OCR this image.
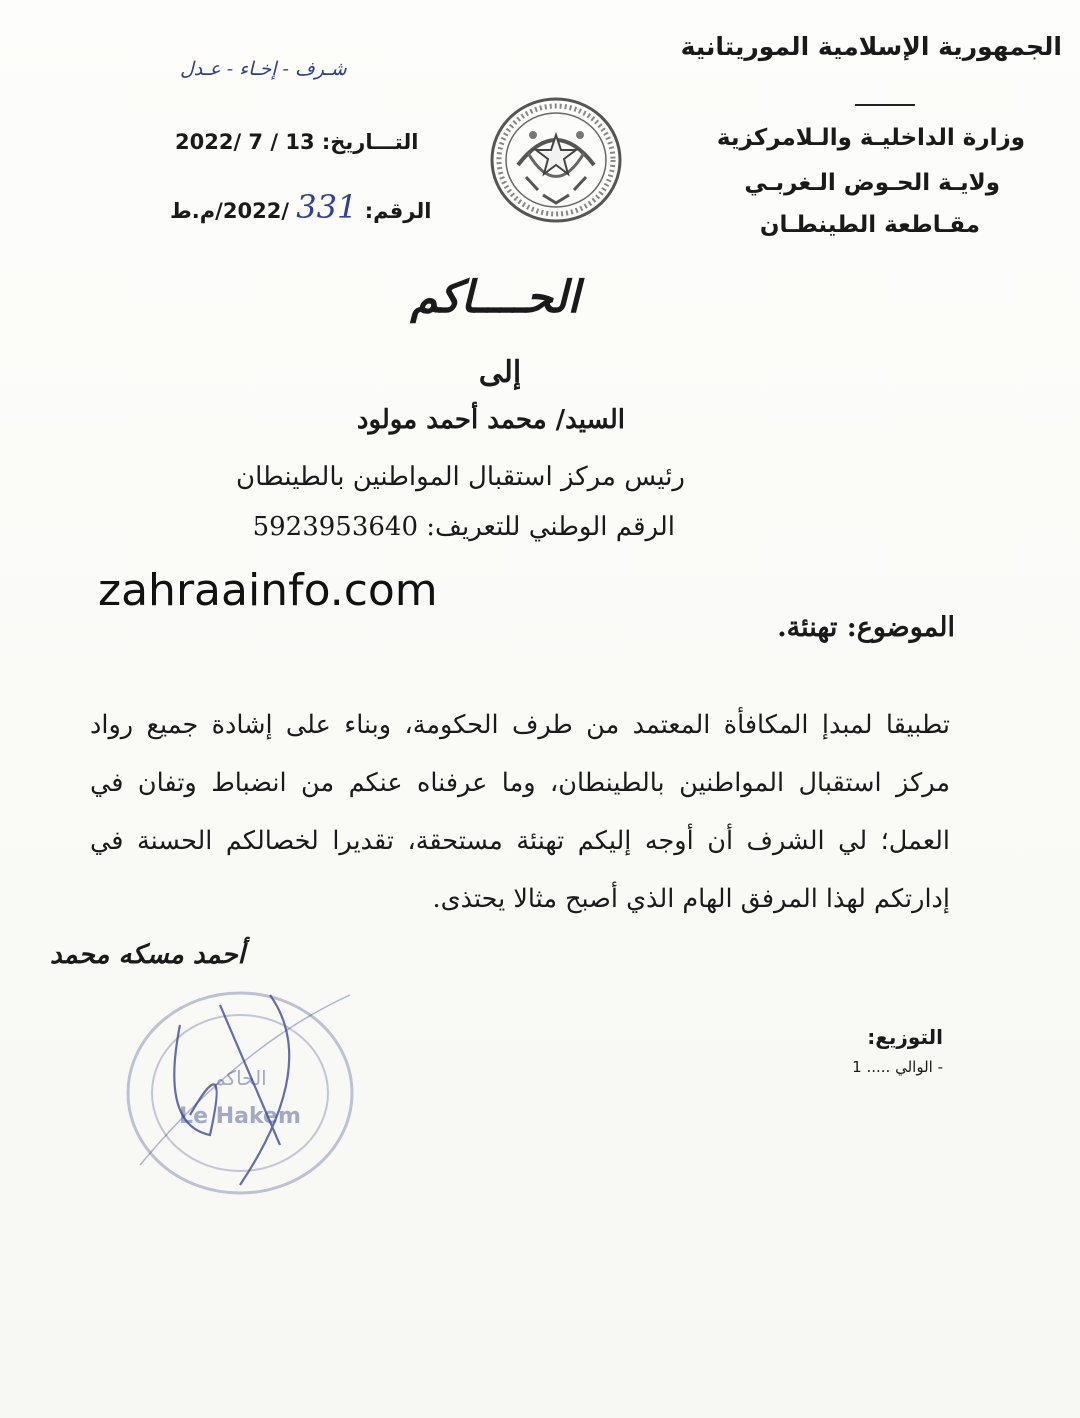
الجمهورية الإسلامية الموريتانية
وزارة الداخليـة والـلامركزية
ولايـة الحـوض الـغربـي
مقـاطعة الطينطـان
شـرف - إخـاء - عـدل
التـــاريخ: 2022/ 7 / 13
الرقم: 331 /2022/م.ط
الحــــاكم
إلى
السيد/ محمد أحمد مولود
رئيس مركز استقبال المواطنين بالطينطان
الرقم الوطني للتعريف: 5923953640
zahraainfo.com
الموضوع: تهنئة.
تطبيقا لمبدإ المكافأة المعتمد من طرف الحكومة، وبناء على إشادة جميع رواد مركز استقبال المواطنين بالطينطان، وما عرفناه عنكم من انضباط وتفان في العمل؛ لي الشرف أن أوجه إليكم تهنئة مستحقة، تقديرا لخصالكم الحسنة في إدارتكم لهذا المرفق الهام الذي أصبح مثالا يحتذى.
أحمد مسكه محمد
الحاكم
Le Hakem
التوزيع:
- الوالي ..... 1
